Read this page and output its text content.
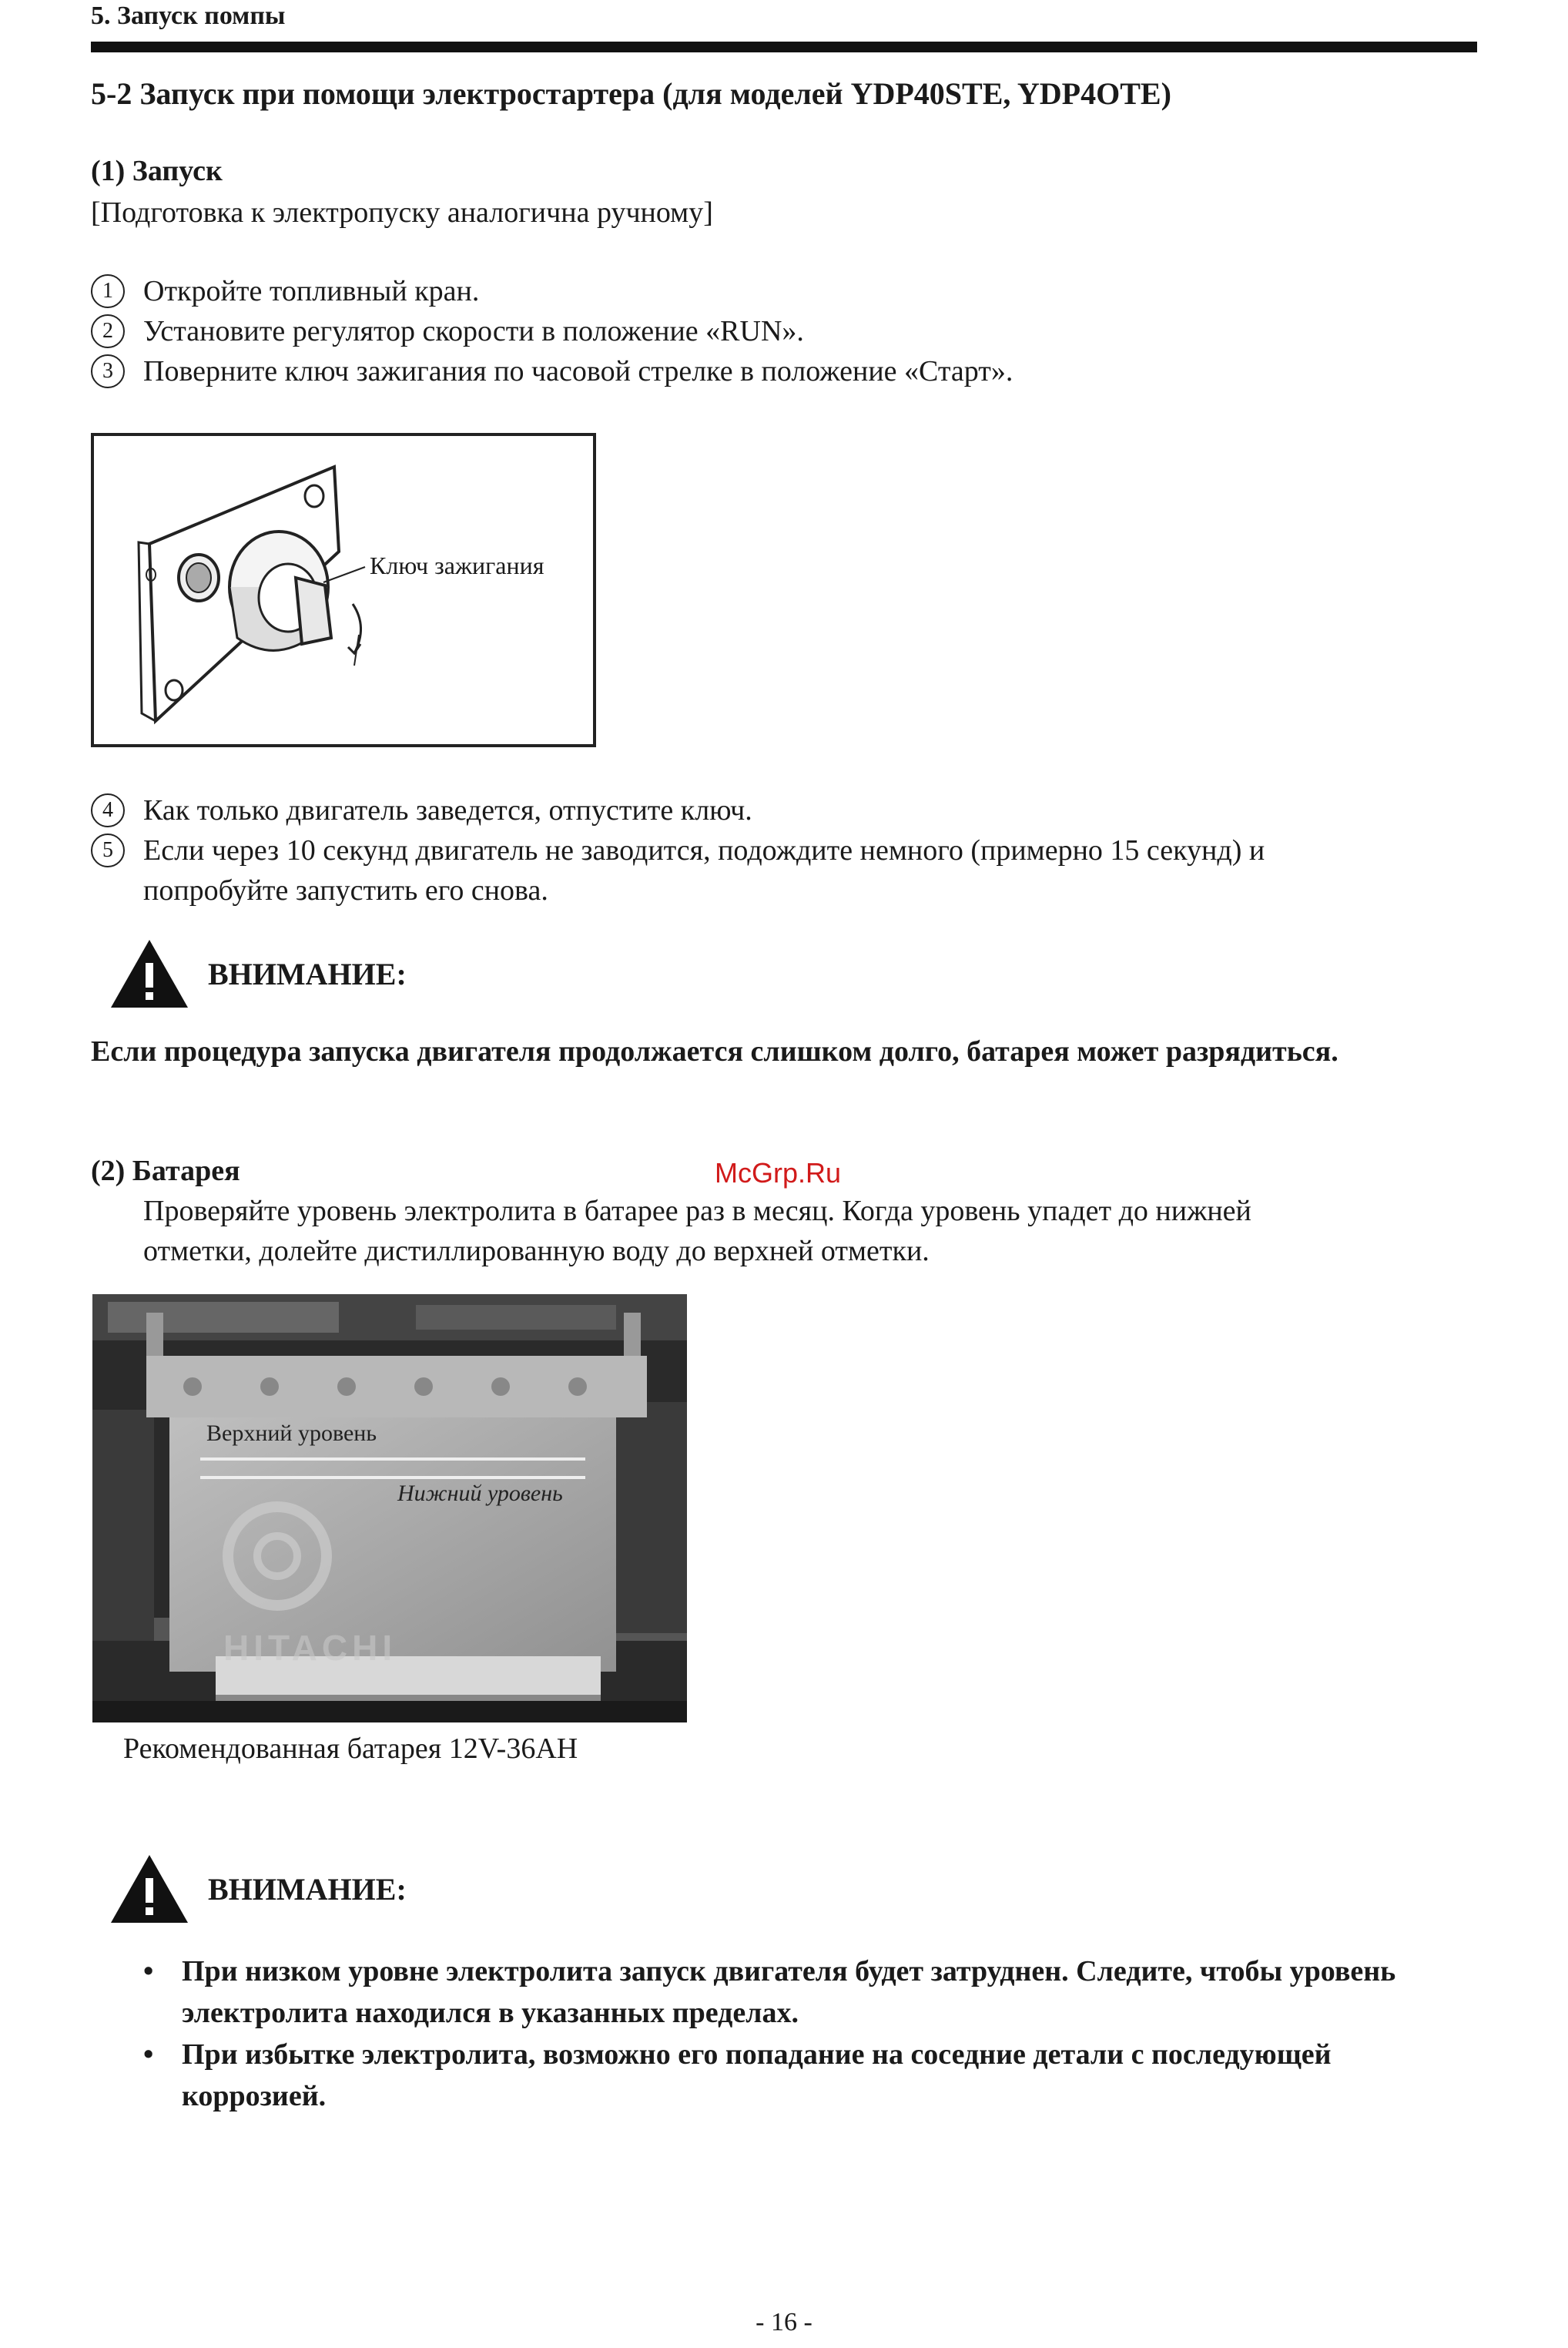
5. Запуск помпы
5-2 Запуск при помощи электростартера (для моделей YDP40STE, YDP4OTE)
(1) Запуск
[Подготовка к электропуску аналогична ручному]
1	Откройте топливный кран.
2	Установите регулятор скорости в положение «RUN».
3	Поверните ключ зажигания по часовой стрелке в положение «Старт».
Ключ зажигания
4	Как только двигатель заведется, отпустите ключ.
5	Если через 10 секунд двигатель не заводится, подождите немного (примерно 15 секунд) и
попробуйте запустить его снова.
ВНИМАНИЕ:
Если процедура запуска двигателя продолжается слишком долго, батарея может разрядиться.
McGrp.Ru
(2) Батарея
Проверяйте уровень электролита в батарее раз в месяц. Когда уровень упадет до нижней
отметки, долейте дистиллированную воду до верхней отметки.
Верхний уровень
Нижний уровень
HITACHI
Рекомендованная батарея 12V-36AH
ВНИМАНИЕ:
• При низком уровне электролита запуск двигателя будет затруднен. Следите, чтобы уровень электролита находился в указанных пределах.
• При избытке электролита, возможно его попадание на соседние детали с последующей коррозией.
- 16 -
